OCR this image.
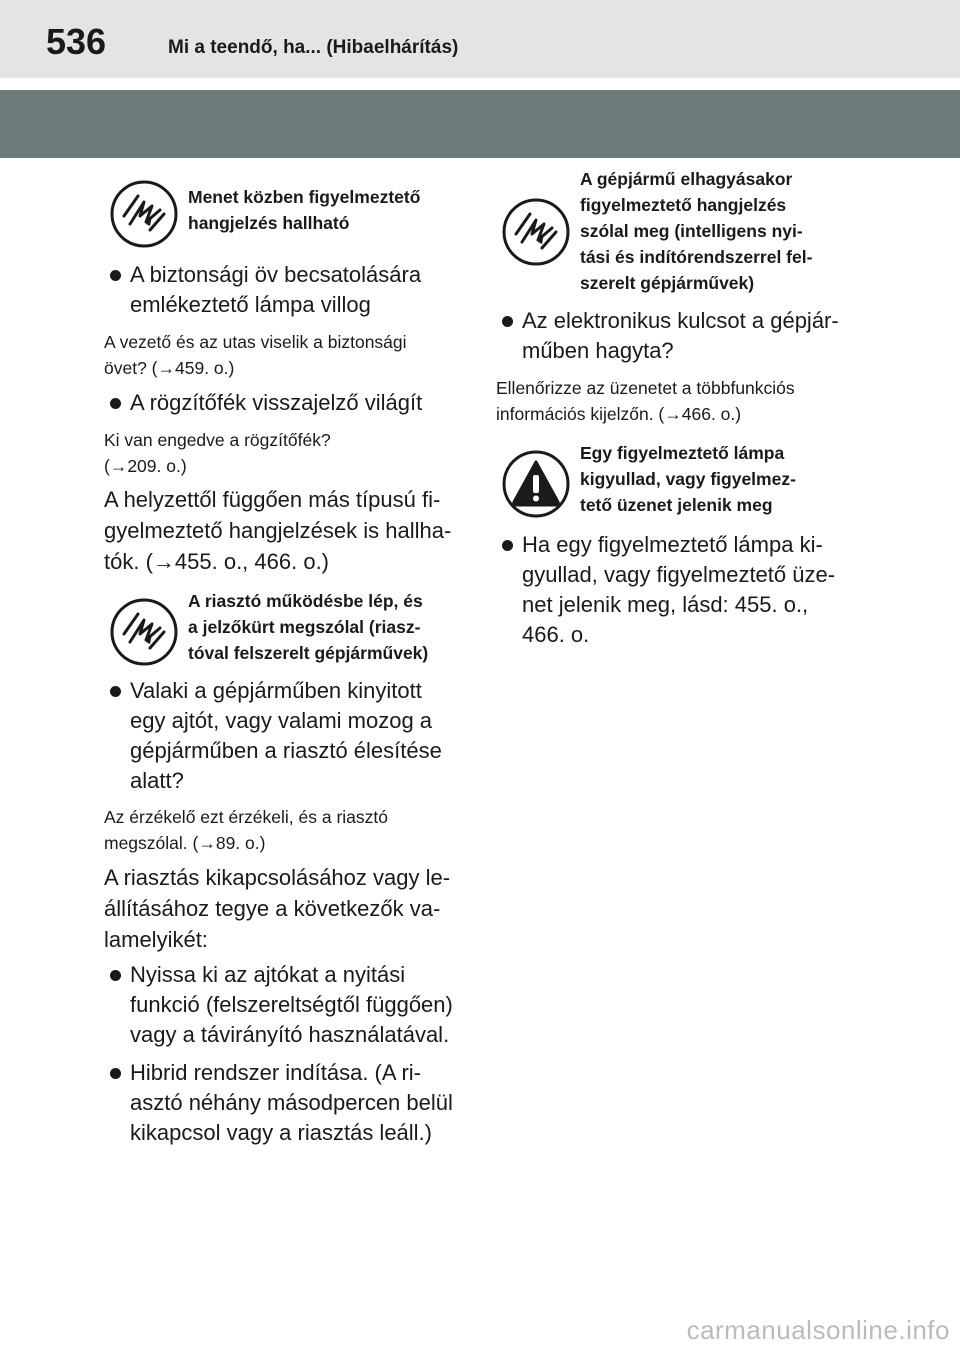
536	Mi a teendő, ha... (Hibaelhárítás)
Menet közben figyelmeztető
hangjelzés hallható
A biztonsági öv becsatolására
emlékeztető lámpa villog
A vezető és az utas viselik a biztonsági
övet? (→459. o.)
A rögzítőfék visszajelző világít
Ki van engedve a rögzítőfék?
(→209. o.)
A helyzettől függően más típusú fi-
gyelmeztető hangjelzések is hallha-
tók. (→455. o., 466. o.)
A riasztó működésbe lép, és
a jelzőkürt megszólal (riasz-
tóval felszerelt gépjárművek)
Valaki a gépjárműben kinyitott
egy ajtót, vagy valami mozog a
gépjárműben a riasztó élesítése
alatt?
Az érzékelő ezt érzékeli, és a riasztó
megszólal. (→89. o.)
A riasztás kikapcsolásához vagy le-
állításához tegye a következők va-
lamelyikét:
Nyissa ki az ajtókat a nyitási
funkció (felszereltségtől függően)
vagy a távirányító használatával.
Hibrid rendszer indítása. (A ri-
asztó néhány másodpercen belül
kikapcsol vagy a riasztás leáll.)
A gépjármű elhagyásakor
figyelmeztető hangjelzés
szólal meg (intelligens nyi-
tási és indítórendszerrel fel-
szerelt gépjárművek)
Az elektronikus kulcsot a gépjár-
műben hagyta?
Ellenőrizze az üzenetet a többfunkciós
információs kijelzőn. (→466. o.)
Egy figyelmeztető lámpa
kigyullad, vagy figyelmez-
tető üzenet jelenik meg
Ha egy figyelmeztető lámpa ki-
gyullad, vagy figyelmeztető üze-
net jelenik meg, lásd: 455. o.,
466. o.
carmanualsonline.info
